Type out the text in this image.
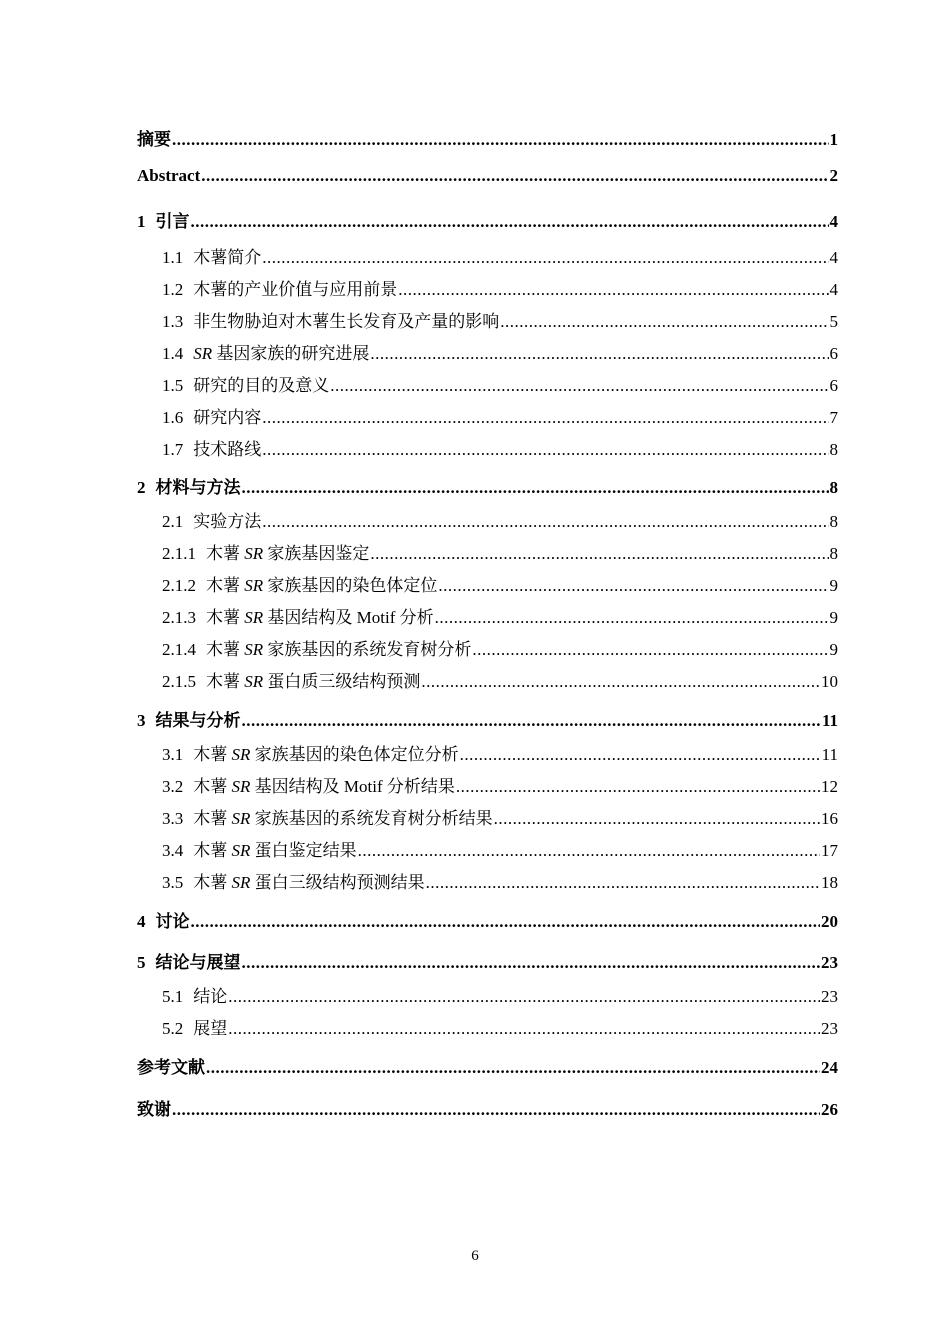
摘要 .....	1
Abstract .....	2
1 引言 .....	4
1.1 木薯简介 .....	4
1.2 木薯的产业价值与应用前景 .....	4
1.3 非生物胁迫对木薯生长发育及产量的影响 .....	5
1.4 SR 基因家族的研究进展 .....	6
1.5 研究的目的及意义 .....	6
1.6 研究内容 .....	7
1.7 技术路线 .....	8
2 材料与方法 .....	8
2.1 实验方法 .....	8
2.1.1 木薯 SR 家族基因鉴定 .....	8
2.1.2 木薯 SR 家族基因的染色体定位 .....	9
2.1.3 木薯 SR 基因结构及 Motif 分析 .....	9
2.1.4 木薯 SR 家族基因的系统发育树分析 .....	9
2.1.5 木薯 SR 蛋白质三级结构预测 .....	10
3 结果与分析 .....	11
3.1 木薯 SR 家族基因的染色体定位分析 .....	11
3.2 木薯 SR 基因结构及 Motif 分析结果 .....	12
3.3 木薯 SR 家族基因的系统发育树分析结果 .....	16
3.4 木薯 SR 蛋白鉴定结果 .....	17
3.5 木薯 SR 蛋白三级结构预测结果 .....	18
4 讨论 .....	20
5 结论与展望 .....	23
5.1 结论 .....	23
5.2 展望 .....	23
参考文献 .....	24
致谢 .....	26
6
